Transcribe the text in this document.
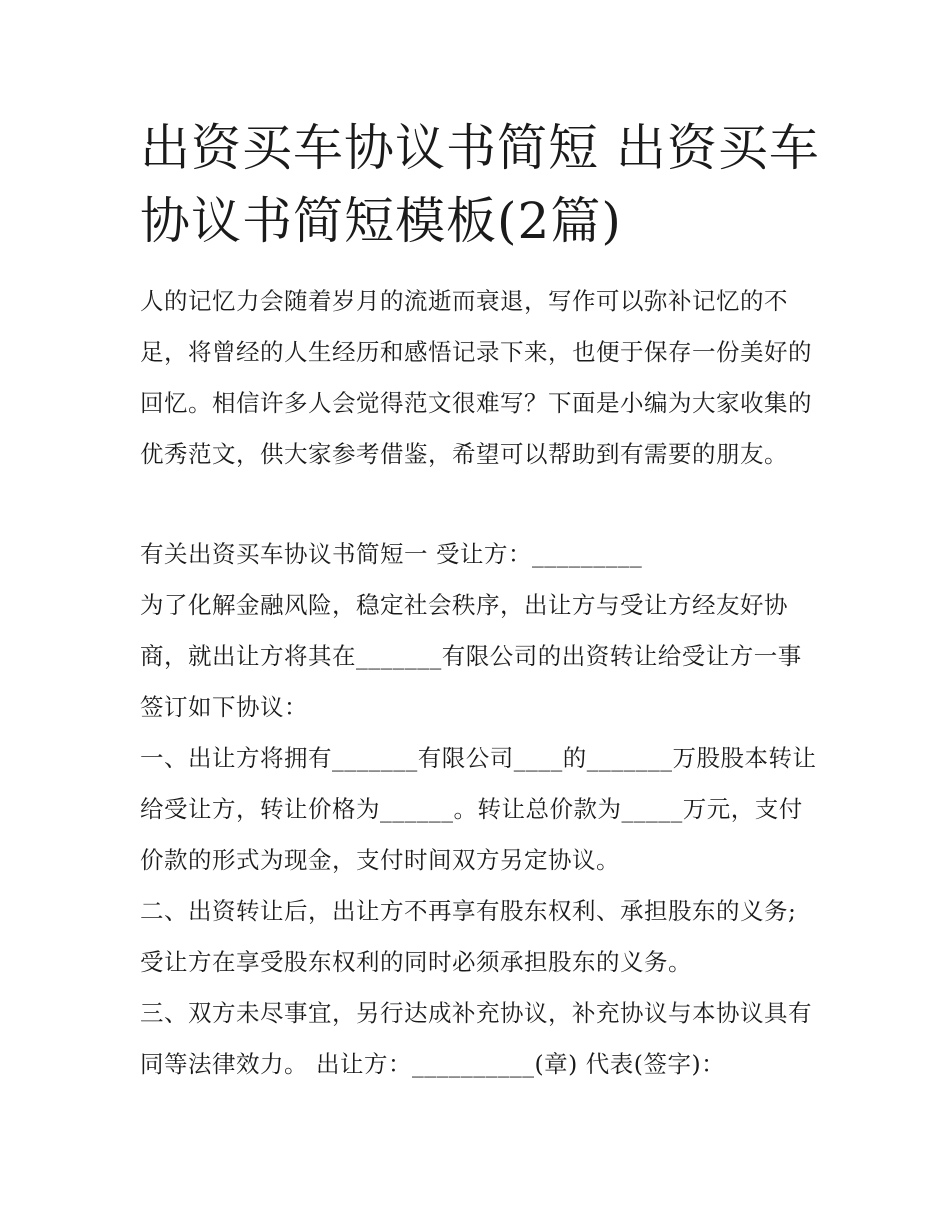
出资买车协议书简短 出资买车协议书简短模板(2篇)

人的记忆力会随着岁月的流逝而衰退，写作可以弥补记忆的不足，将曾经的人生经历和感悟记录下来，也便于保存一份美好的回忆。相信许多人会觉得范文很难写？下面是小编为大家收集的优秀范文，供大家参考借鉴，希望可以帮助到有需要的朋友。

有关出资买车协议书简短一 受让方：_________

为了化解金融风险，稳定社会秩序，出让方与受让方经友好协商，就出让方将其在_______有限公司的出资转让给受让方一事签订如下协议：

一、出让方将拥有_______有限公司____的_______万股股本转让给受让方，转让价格为______。转让总价款为_____万元，支付价款的形式为现金，支付时间双方另定协议。

二、出资转让后，出让方不再享有股东权利、承担股东的义务;受让方在享受股东权利的同时必须承担股东的义务。

三、双方未尽事宜，另行达成补充协议，补充协议与本协议具有同等法律效力。 出让方：__________(章) 代表(签字)：
